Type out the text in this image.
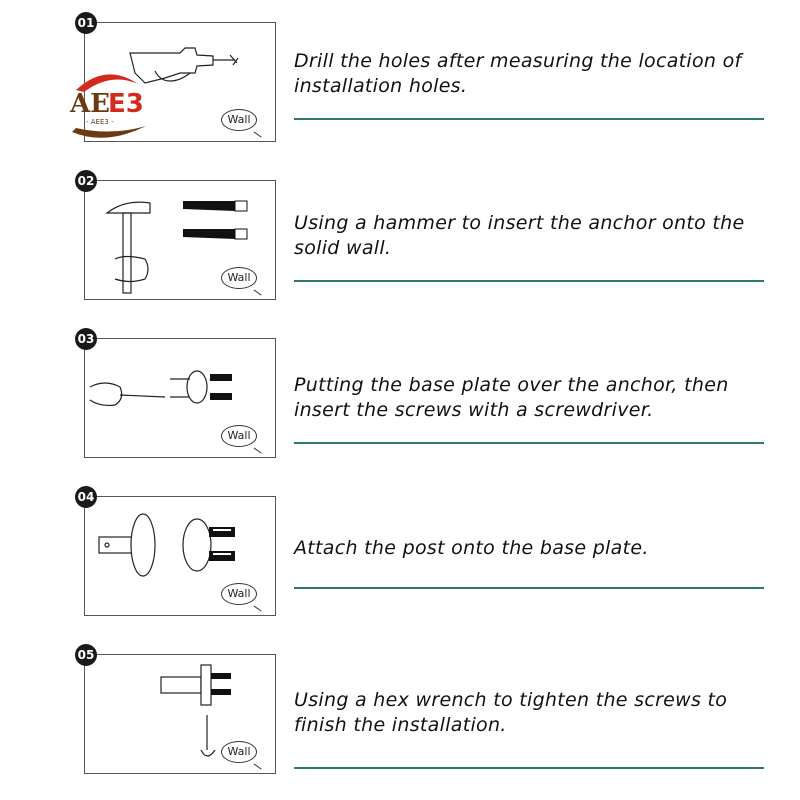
01
Wall
AE
E3
- AEE3 -
Drill the holes after measuring the location of installation holes.
02
Wall
Using a hammer to insert the anchor onto the solid wall.
03
Wall
Putting the base plate over the anchor, then insert the screws with a screwdriver.
04
Wall
Attach the post onto the base plate.
05
Wall
Using a hex wrench to tighten the screws to finish the installation.
